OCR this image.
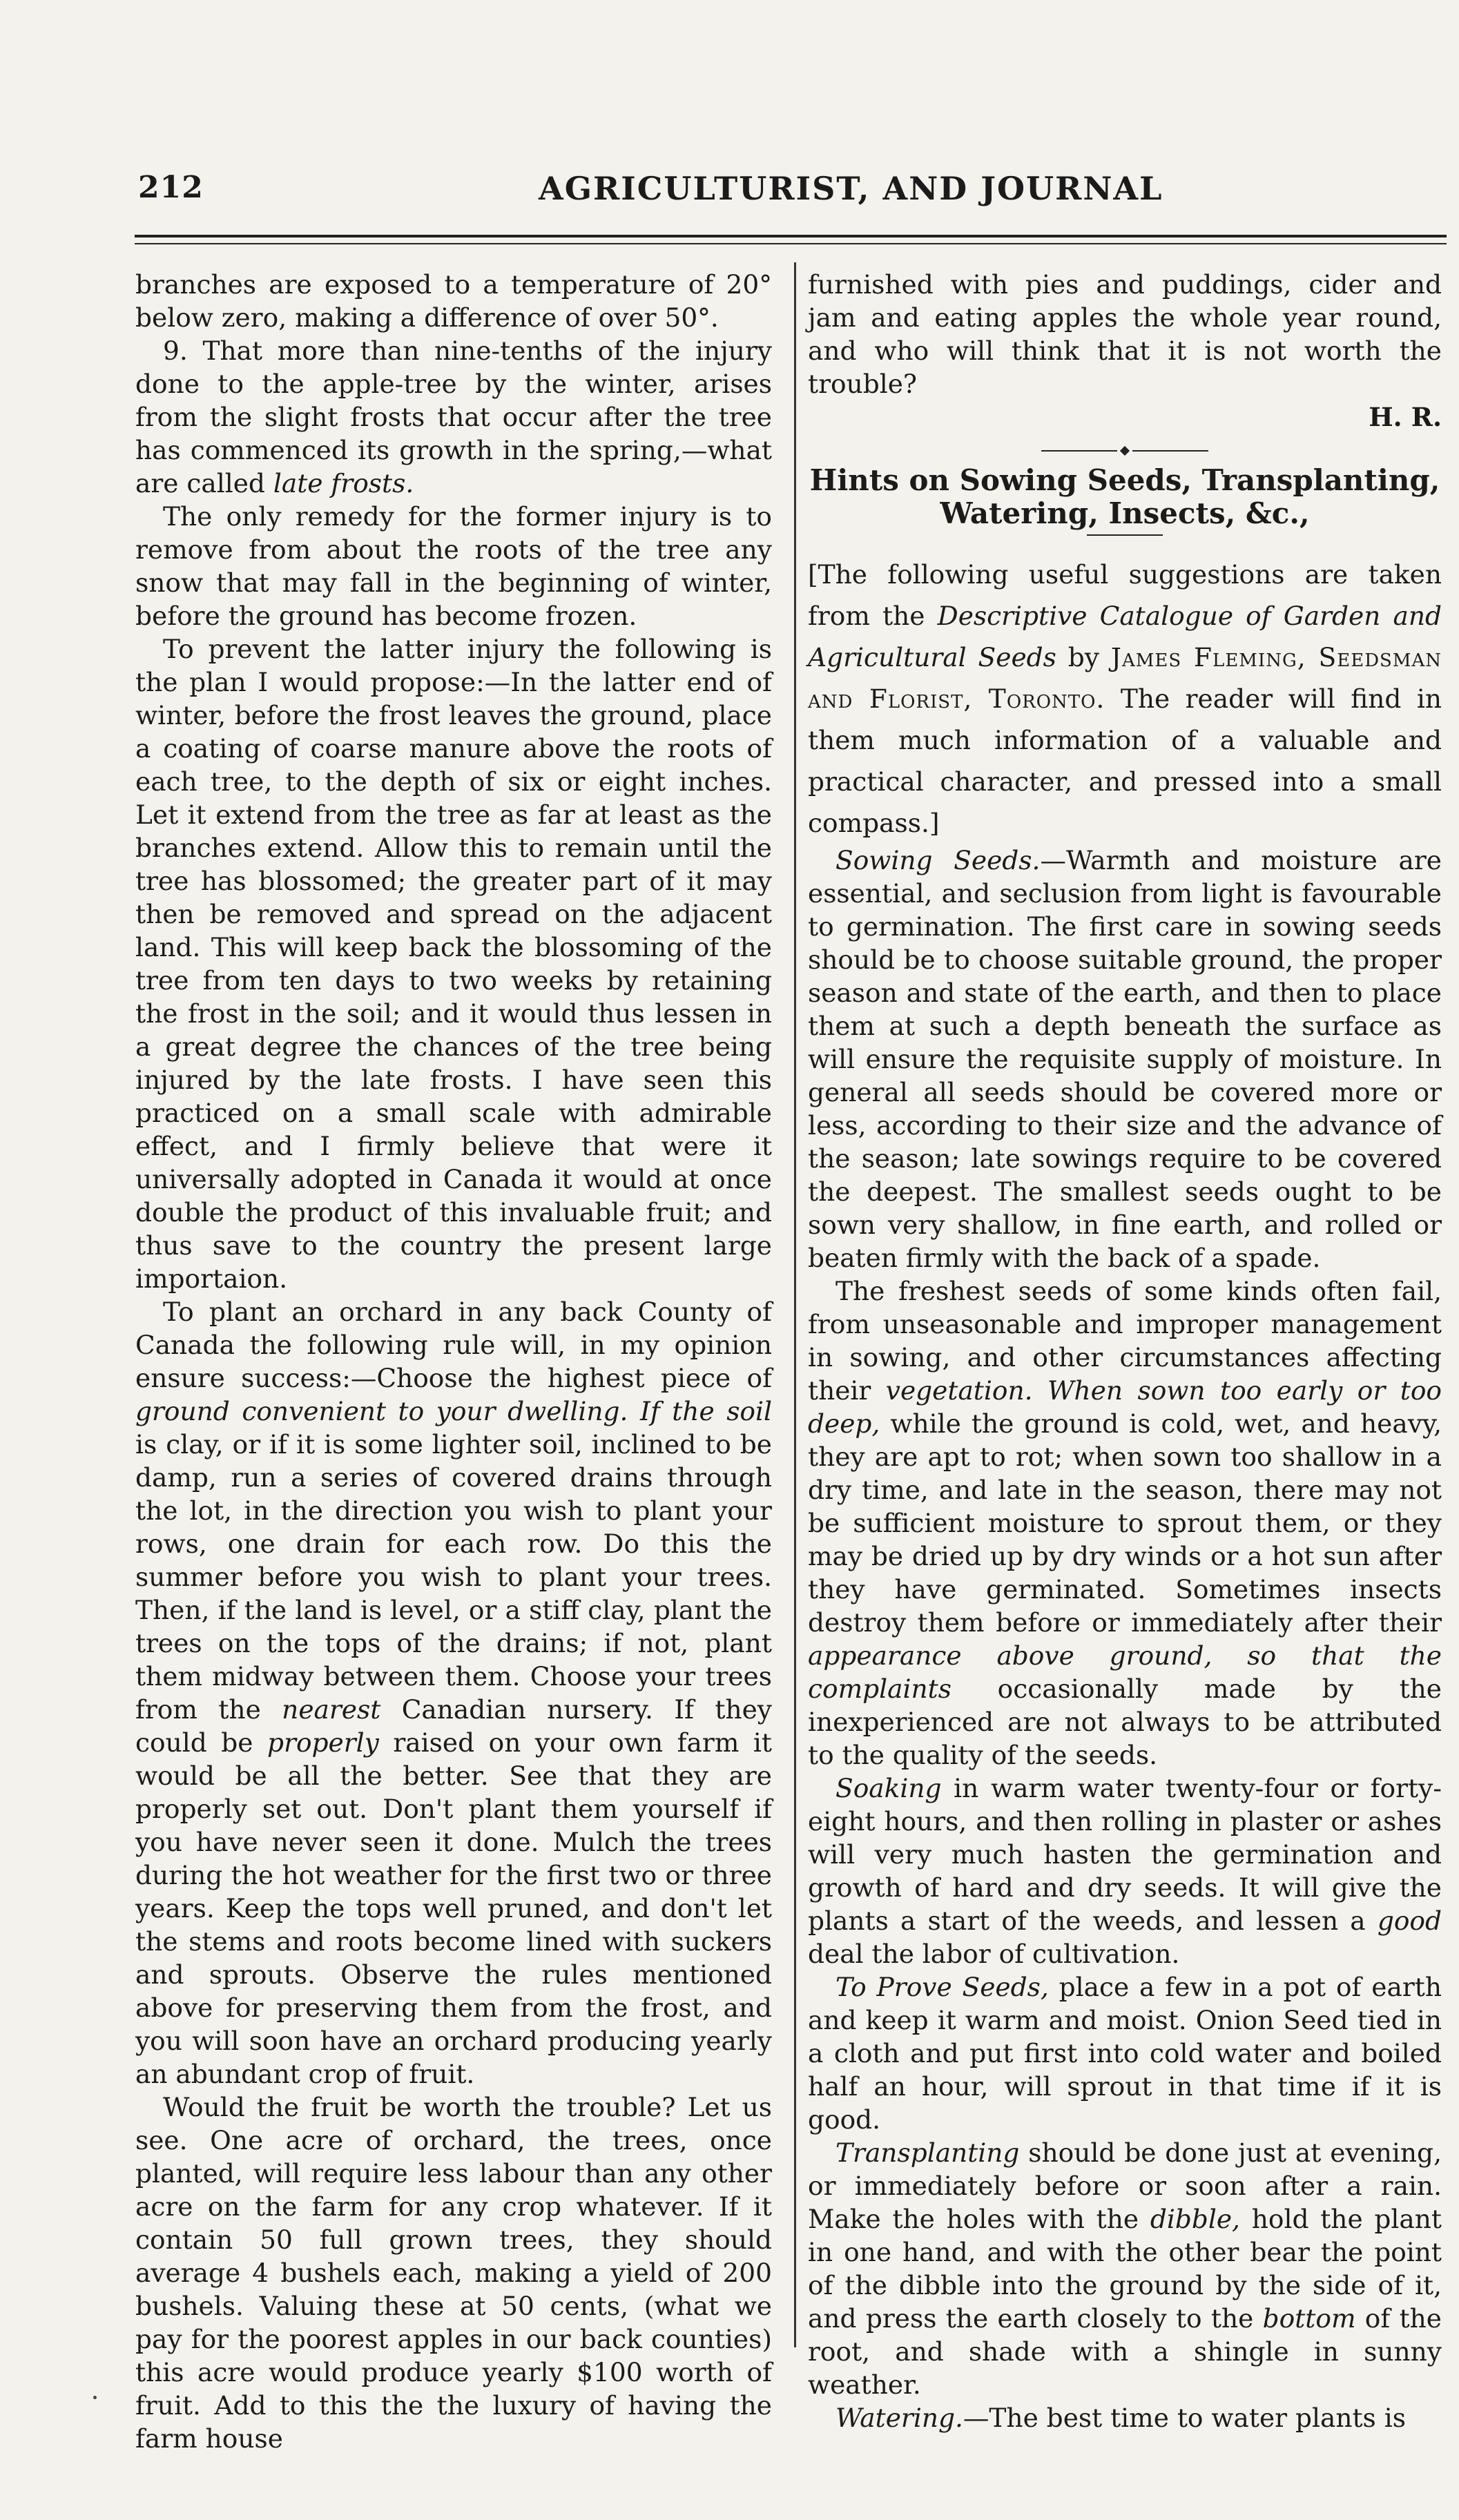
212	AGRICULTURIST, AND JOURNAL

branches are exposed to a temperature of 20° below zero, making a difference of over 50°.

9. That more than nine-tenths of the injury done to the apple-tree by the winter, arises from the slight frosts that occur after the tree has commenced its growth in the spring,—what are called late frosts.

The only remedy for the former injury is to remove from about the roots of the tree any snow that may fall in the beginning of winter, before the ground has become frozen.

To prevent the latter injury the following is the plan I would propose:—In the latter end of winter, before the frost leaves the ground, place a coating of coarse manure above the roots of each tree, to the depth of six or eight inches. Let it extend from the tree as far at least as the branches extend. Allow this to remain until the tree has blossomed; the greater part of it may then be removed and spread on the adjacent land. This will keep back the blossoming of the tree from ten days to two weeks by retaining the frost in the soil; and it would thus lessen in a great degree the chances of the tree being injured by the late frosts. I have seen this practiced on a small scale with admirable effect, and I firmly believe that were it universally adopted in Canada it would at once double the product of this invaluable fruit; and thus save to the country the present large importaion.

To plant an orchard in any back County of Canada the following rule will, in my opinion ensure success:—Choose the highest piece of ground convenient to your dwelling. If the soil is clay, or if it is some lighter soil, inclined to be damp, run a series of covered drains through the lot, in the direction you wish to plant your rows, one drain for each row. Do this the summer before you wish to plant your trees. Then, if the land is level, or a stiff clay, plant the trees on the tops of the drains; if not, plant them midway between them. Choose your trees from the nearest Canadian nursery. If they could be properly raised on your own farm it would be all the better. See that they are properly set out. Don't plant them yourself if you have never seen it done. Mulch the trees during the hot weather for the first two or three years. Keep the tops well pruned, and don't let the stems and roots become lined with suckers and sprouts. Observe the rules mentioned above for preserving them from the frost, and you will soon have an orchard producing yearly an abundant crop of fruit.

Would the fruit be worth the trouble? Let us see. One acre of orchard, the trees, once planted, will require less labour than any other acre on the farm for any crop whatever. If it contain 50 full grown trees, they should average 4 bushels each, making a yield of 200 bushels. Valuing these at 50 cents, (what we pay for the poorest apples in our back counties) this acre would produce yearly $100 worth of fruit. Add to this the the luxury of having the farm house

furnished with pies and puddings, cider and jam and eating apples the whole year round, and who will think that it is not worth the trouble?

H. R.

Hints on Sowing Seeds, Transplanting, Watering, Insects, &c.,

[The following useful suggestions are taken from the Descriptive Catalogue of Garden and Agricultural Seeds by James Fleming, Seedsman and Florist, Toronto. The reader will find in them much information of a valuable and practical character, and pressed into a small compass.]

Sowing Seeds.—Warmth and moisture are essential, and seclusion from light is favourable to germination. The first care in sowing seeds should be to choose suitable ground, the proper season and state of the earth, and then to place them at such a depth beneath the surface as will ensure the requisite supply of moisture. In general all seeds should be covered more or less, according to their size and the advance of the season; late sowings require to be covered the deepest. The smallest seeds ought to be sown very shallow, in fine earth, and rolled or beaten firmly with the back of a spade.

The freshest seeds of some kinds often fail, from unseasonable and improper management in sowing, and other circumstances affecting their vegetation. When sown too early or too deep, while the ground is cold, wet, and heavy, they are apt to rot; when sown too shallow in a dry time, and late in the season, there may not be sufficient moisture to sprout them, or they may be dried up by dry winds or a hot sun after they have germinated. Sometimes insects destroy them before or immediately after their appearance above ground, so that the complaints occasionally made by the inexperienced are not always to be attributed to the quality of the seeds.

Soaking in warm water twenty-four or forty-eight hours, and then rolling in plaster or ashes will very much hasten the germination and growth of hard and dry seeds. It will give the plants a start of the weeds, and lessen a good deal the labor of cultivation.

To Prove Seeds, place a few in a pot of earth and keep it warm and moist. Onion Seed tied in a cloth and put first into cold water and boiled half an hour, will sprout in that time if it is good.

Transplanting should be done just at evening, or immediately before or soon after a rain. Make the holes with the dibble, hold the plant in one hand, and with the other bear the point of the dibble into the ground by the side of it, and press the earth closely to the bottom of the root, and shade with a shingle in sunny weather.

Watering.—The best time to water plants is
